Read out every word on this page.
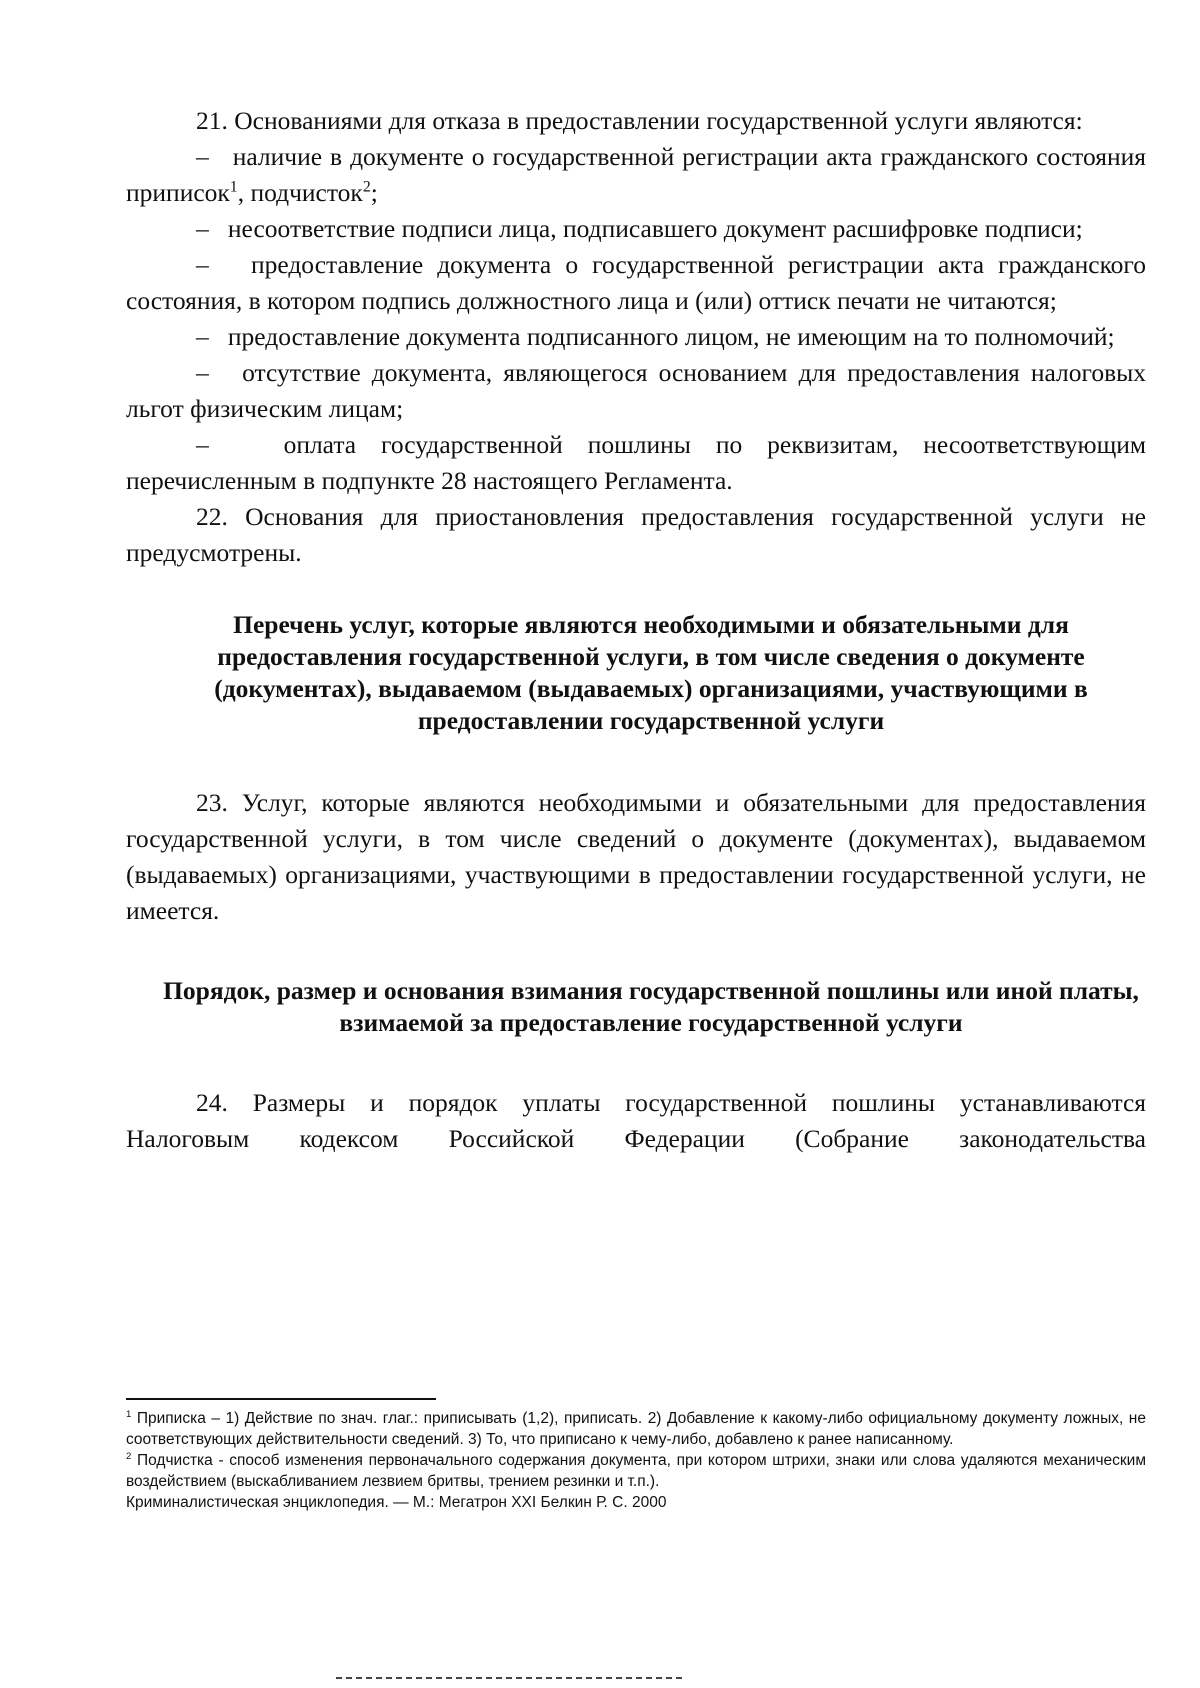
21. Основаниями для отказа в предоставлении государственной услуги являются:

– наличие в документе о государственной регистрации акта гражданского состояния приписок$^1$, подчисток$^2$;

– несоответствие подписи лица, подписавшего документ расшифровке подписи;

– предоставление документа о государственной регистрации акта гражданского состояния, в котором подпись должностного лица и (или) оттиск печати не читаются;

– предоставление документа подписанного лицом, не имеющим на то полномочий;

– отсутствие документа, являющегося основанием для предоставления налоговых льгот физическим лицам;

–	оплата государственной пошлины по реквизитам, несоответствующим перечисленным в подпункте 28 настоящего Регламента.

22. Основания для приостановления предоставления государственной услуги не предусмотрены.

Перечень услуг, которые являются необходимыми и обязательными для предоставления государственной услуги, в том числе сведения о документе (документах), выдаваемом (выдаваемых) организациями, участвующими в предоставлении государственной услуги

23. Услуг, которые являются необходимыми и обязательными для предоставления государственной услуги, в том числе сведений о документе (документах), выдаваемом (выдаваемых) организациями, участвующими в предоставлении государственной услуги, не имеется.

Порядок, размер и основания взимания государственной пошлины или иной платы, взимаемой за предоставление государственной услуги

24. Размеры и порядок уплаты государственной пошлины устанавливаются Налоговым кодексом Российской Федерации (Собрание законодательства

$^1$ Приписка – 1) Действие по знач. глаг.: приписывать (1,2), приписать. 2) Добавление к какому-либо официальному документу ложных, не соответствующих действительности сведений. 3) То, что приписано к чему-либо, добавлено к ранее написанному.

$^2$ Подчистка - способ изменения первоначального содержания документа, при котором штрихи, знаки или слова удаляются механическим воздействием (выскабливанием лезвием бритвы, трением резинки и т.п.).

Криминалистическая энциклопедия. — М.: Мегатрон XXI Белкин Р. С. 2000
